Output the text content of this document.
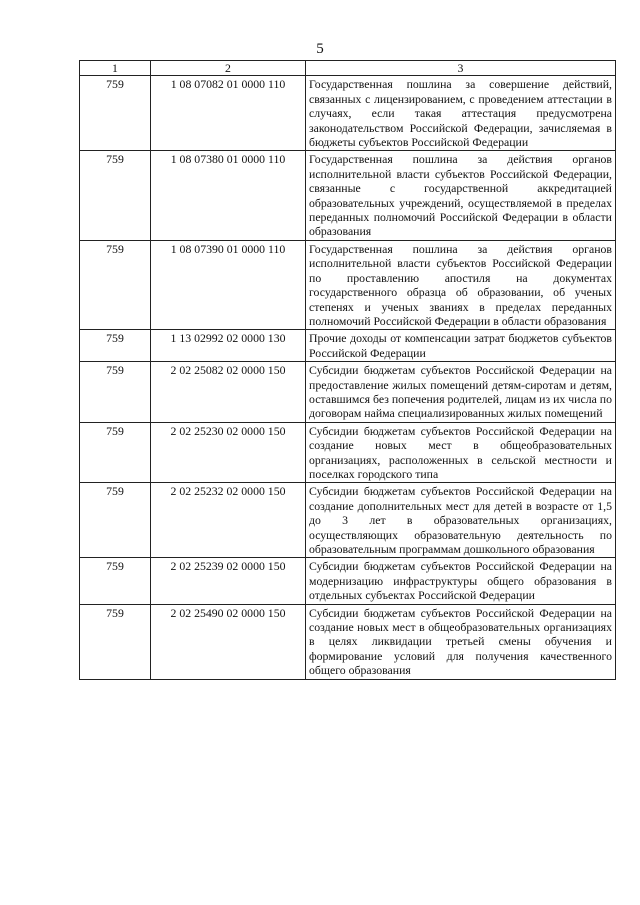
5
1	2	3
759	1 08 07082 01 0000 110	Государственная пошлина за совершение действий, связанных с лицензированием, с проведением аттестации в случаях, если такая аттестация предусмотрена законодательством Российской Федерации, зачисляемая в бюджеты субъектов Российской Федерации
759	1 08 07380 01 0000 110	Государственная пошлина за действия органов исполнительной власти субъектов Российской Федерации, связанные с государственной аккредитацией образовательных учреждений, осуществляемой в пределах переданных полномочий Российской Федерации в области образования
759	1 08 07390 01 0000 110	Государственная пошлина за действия органов исполнительной власти субъектов Российской Федерации по проставлению апостиля на документах государственного образца об образовании, об ученых степенях и ученых званиях в пределах переданных полномочий Российской Федерации в области образования
759	1 13 02992 02 0000 130	Прочие доходы от компенсации затрат бюджетов субъектов Российской Федерации
759	2 02 25082 02 0000 150	Субсидии бюджетам субъектов Российской Федерации на предоставление жилых помещений детям-сиротам и детям, оставшимся без попечения родителей, лицам из их числа по договорам найма специализированных жилых помещений
759	2 02 25230 02 0000 150	Субсидии бюджетам субъектов Российской Федерации на создание новых мест в общеобразовательных организациях, расположенных в сельской местности и поселках городского типа
759	2 02 25232 02 0000 150	Субсидии бюджетам субъектов Российской Федерации на создание дополнительных мест для детей в возрасте от 1,5 до 3 лет в образовательных организациях, осуществляющих образовательную деятельность по образовательным программам дошкольного образования
759	2 02 25239 02 0000 150	Субсидии бюджетам субъектов Российской Федерации на модернизацию инфраструктуры общего образования в отдельных субъектах Российской Федерации
759	2 02 25490 02 0000 150	Субсидии бюджетам субъектов Российской Федерации на создание новых мест в общеобразовательных организациях в целях ликвидации третьей смены обучения и формирование условий для получения качественного общего образования
